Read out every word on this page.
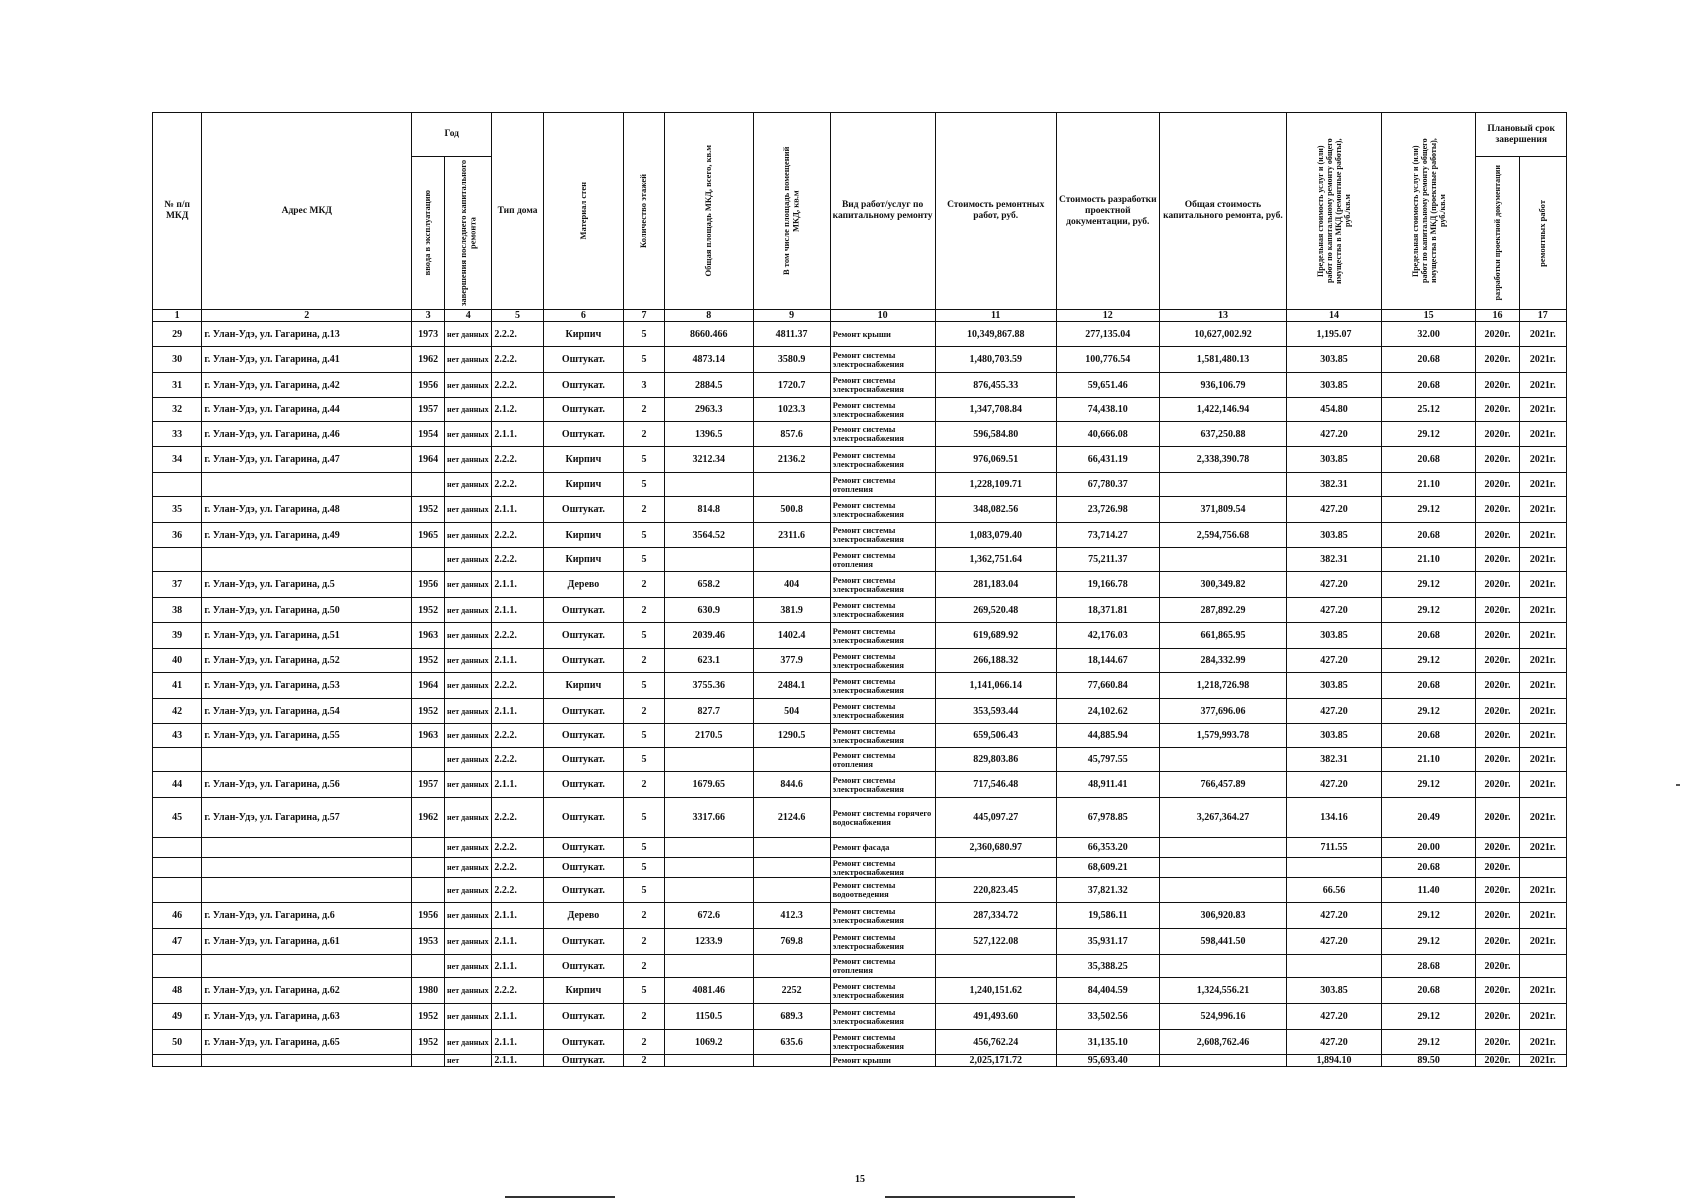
№ п/п МКД	Адрес МКД	Год		Тип дома	Материал стен	Количество этажей	Общая площадь МКД, всего, кв.м	В том числе площадь помещений МКД, кв.м	Вид работ/услуг по капитальному ремонту	Стоимость ремонтных работ, руб.	Стоимость разработки проектной документации, руб.	Общая стоимость капитального ремонта, руб.	Предельная стоимость услуг и (или) работ по капитальному ремонту общего имущества в МКД (ремонтные работы), руб./кв.м	Предельная стоимость услуг и (или) работ по капитальному ремонту общего имущества в МКД (проектные работы), руб./кв.м	Плановый срок завершения	

		ввода в эксплуатацию	завершения последнего капитального ремонта												разработки проектной документации	ремонтных работ

1	2	3	4	5	6	7	8	9	10	11	12	13	14	15	16	17
29	г. Улан-Удэ, ул. Гагарина, д.13	1973	нет данных	2.2.2.	Кирпич	5	8660.466	4811.37	Ремонт крыши	10,349,867.88	277,135.04	10,627,002.92	1,195.07	32.00	2020г.	2021г.
30	г. Улан-Удэ, ул. Гагарина, д.41	1962	нет данных	2.2.2.	Оштукат.	5	4873.14	3580.9	Ремонт системы электроснабжения	1,480,703.59	100,776.54	1,581,480.13	303.85	20.68	2020г.	2021г.
31	г. Улан-Удэ, ул. Гагарина, д.42	1956	нет данных	2.2.2.	Оштукат.	3	2884.5	1720.7	Ремонт системы электроснабжения	876,455.33	59,651.46	936,106.79	303.85	20.68	2020г.	2021г.
32	г. Улан-Удэ, ул. Гагарина, д.44	1957	нет данных	2.1.2.	Оштукат.	2	2963.3	1023.3	Ремонт системы электроснабжения	1,347,708.84	74,438.10	1,422,146.94	454.80	25.12	2020г.	2021г.
33	г. Улан-Удэ, ул. Гагарина, д.46	1954	нет данных	2.1.1.	Оштукат.	2	1396.5	857.6	Ремонт системы электроснабжения	596,584.80	40,666.08	637,250.88	427.20	29.12	2020г.	2021г.
34	г. Улан-Удэ, ул. Гагарина, д.47	1964	нет данных	2.2.2.	Кирпич	5	3212.34	2136.2	Ремонт системы электроснабжения	976,069.51	66,431.19	2,338,390.78	303.85	20.68	2020г.	2021г.
			нет данных	2.2.2.	Кирпич	5			Ремонт системы отопления	1,228,109.71	67,780.37		382.31	21.10	2020г.	2021г.
35	г. Улан-Удэ, ул. Гагарина, д.48	1952	нет данных	2.1.1.	Оштукат.	2	814.8	500.8	Ремонт системы электроснабжения	348,082.56	23,726.98	371,809.54	427.20	29.12	2020г.	2021г.
36	г. Улан-Удэ, ул. Гагарина, д.49	1965	нет данных	2.2.2.	Кирпич	5	3564.52	2311.6	Ремонт системы электроснабжения	1,083,079.40	73,714.27	2,594,756.68	303.85	20.68	2020г.	2021г.
			нет данных	2.2.2.	Кирпич	5			Ремонт системы отопления	1,362,751.64	75,211.37		382.31	21.10	2020г.	2021г.
37	г. Улан-Удэ, ул. Гагарина, д.5	1956	нет данных	2.1.1.	Дерево	2	658.2	404	Ремонт системы электроснабжения	281,183.04	19,166.78	300,349.82	427.20	29.12	2020г.	2021г.
38	г. Улан-Удэ, ул. Гагарина, д.50	1952	нет данных	2.1.1.	Оштукат.	2	630.9	381.9	Ремонт системы электроснабжения	269,520.48	18,371.81	287,892.29	427.20	29.12	2020г.	2021г.
39	г. Улан-Удэ, ул. Гагарина, д.51	1963	нет данных	2.2.2.	Оштукат.	5	2039.46	1402.4	Ремонт системы электроснабжения	619,689.92	42,176.03	661,865.95	303.85	20.68	2020г.	2021г.
40	г. Улан-Удэ, ул. Гагарина, д.52	1952	нет данных	2.1.1.	Оштукат.	2	623.1	377.9	Ремонт системы электроснабжения	266,188.32	18,144.67	284,332.99	427.20	29.12	2020г.	2021г.
41	г. Улан-Удэ, ул. Гагарина, д.53	1964	нет данных	2.2.2.	Кирпич	5	3755.36	2484.1	Ремонт системы электроснабжения	1,141,066.14	77,660.84	1,218,726.98	303.85	20.68	2020г.	2021г.
42	г. Улан-Удэ, ул. Гагарина, д.54	1952	нет данных	2.1.1.	Оштукат.	2	827.7	504	Ремонт системы электроснабжения	353,593.44	24,102.62	377,696.06	427.20	29.12	2020г.	2021г.
43	г. Улан-Удэ, ул. Гагарина, д.55	1963	нет данных	2.2.2.	Оштукат.	5	2170.5	1290.5	Ремонт системы электроснабжения	659,506.43	44,885.94	1,579,993.78	303.85	20.68	2020г.	2021г.
			нет данных	2.2.2.	Оштукат.	5			Ремонт системы отопления	829,803.86	45,797.55		382.31	21.10	2020г.	2021г.
44	г. Улан-Удэ, ул. Гагарина, д.56	1957	нет данных	2.1.1.	Оштукат.	2	1679.65	844.6	Ремонт системы электроснабжения	717,546.48	48,911.41	766,457.89	427.20	29.12	2020г.	2021г.
45	г. Улан-Удэ, ул. Гагарина, д.57	1962	нет данных	2.2.2.	Оштукат.	5	3317.66	2124.6	Ремонт системы горячего водоснабжения	445,097.27	67,978.85	3,267,364.27	134.16	20.49	2020г.	2021г.
			нет данных	2.2.2.	Оштукат.	5			Ремонт фасада	2,360,680.97	66,353.20		711.55	20.00	2020г.	2021г.
			нет данных	2.2.2.	Оштукат.	5			Ремонт системы электроснабжения		68,609.21			20.68	2020г.	
			нет данных	2.2.2.	Оштукат.	5			Ремонт системы водоотведения	220,823.45	37,821.32		66.56	11.40	2020г.	2021г.
46	г. Улан-Удэ, ул. Гагарина, д.6	1956	нет данных	2.1.1.	Дерево	2	672.6	412.3	Ремонт системы электроснабжения	287,334.72	19,586.11	306,920.83	427.20	29.12	2020г.	2021г.
47	г. Улан-Удэ, ул. Гагарина, д.61	1953	нет данных	2.1.1.	Оштукат.	2	1233.9	769.8	Ремонт системы электроснабжения	527,122.08	35,931.17	598,441.50	427.20	29.12	2020г.	2021г.
			нет данных	2.1.1.	Оштукат.	2			Ремонт системы отопления		35,388.25			28.68	2020г.	
48	г. Улан-Удэ, ул. Гагарина, д.62	1980	нет данных	2.2.2.	Кирпич	5	4081.46	2252	Ремонт системы электроснабжения	1,240,151.62	84,404.59	1,324,556.21	303.85	20.68	2020г.	2021г.
49	г. Улан-Удэ, ул. Гагарина, д.63	1952	нет данных	2.1.1.	Оштукат.	2	1150.5	689.3	Ремонт системы электроснабжения	491,493.60	33,502.56	524,996.16	427.20	29.12	2020г.	2021г.
50	г. Улан-Удэ, ул. Гагарина, д.65	1952	нет данных	2.1.1.	Оштукат.	2	1069.2	635.6	Ремонт системы электроснабжения	456,762.24	31,135.10	2,608,762.46	427.20	29.12	2020г.	2021г.
			нет	2.1.1.	Оштукат.	2			Ремонт крыши	2,025,171.72	95,693.40		1,894.10	89.50	2020г.	2021г.
15
